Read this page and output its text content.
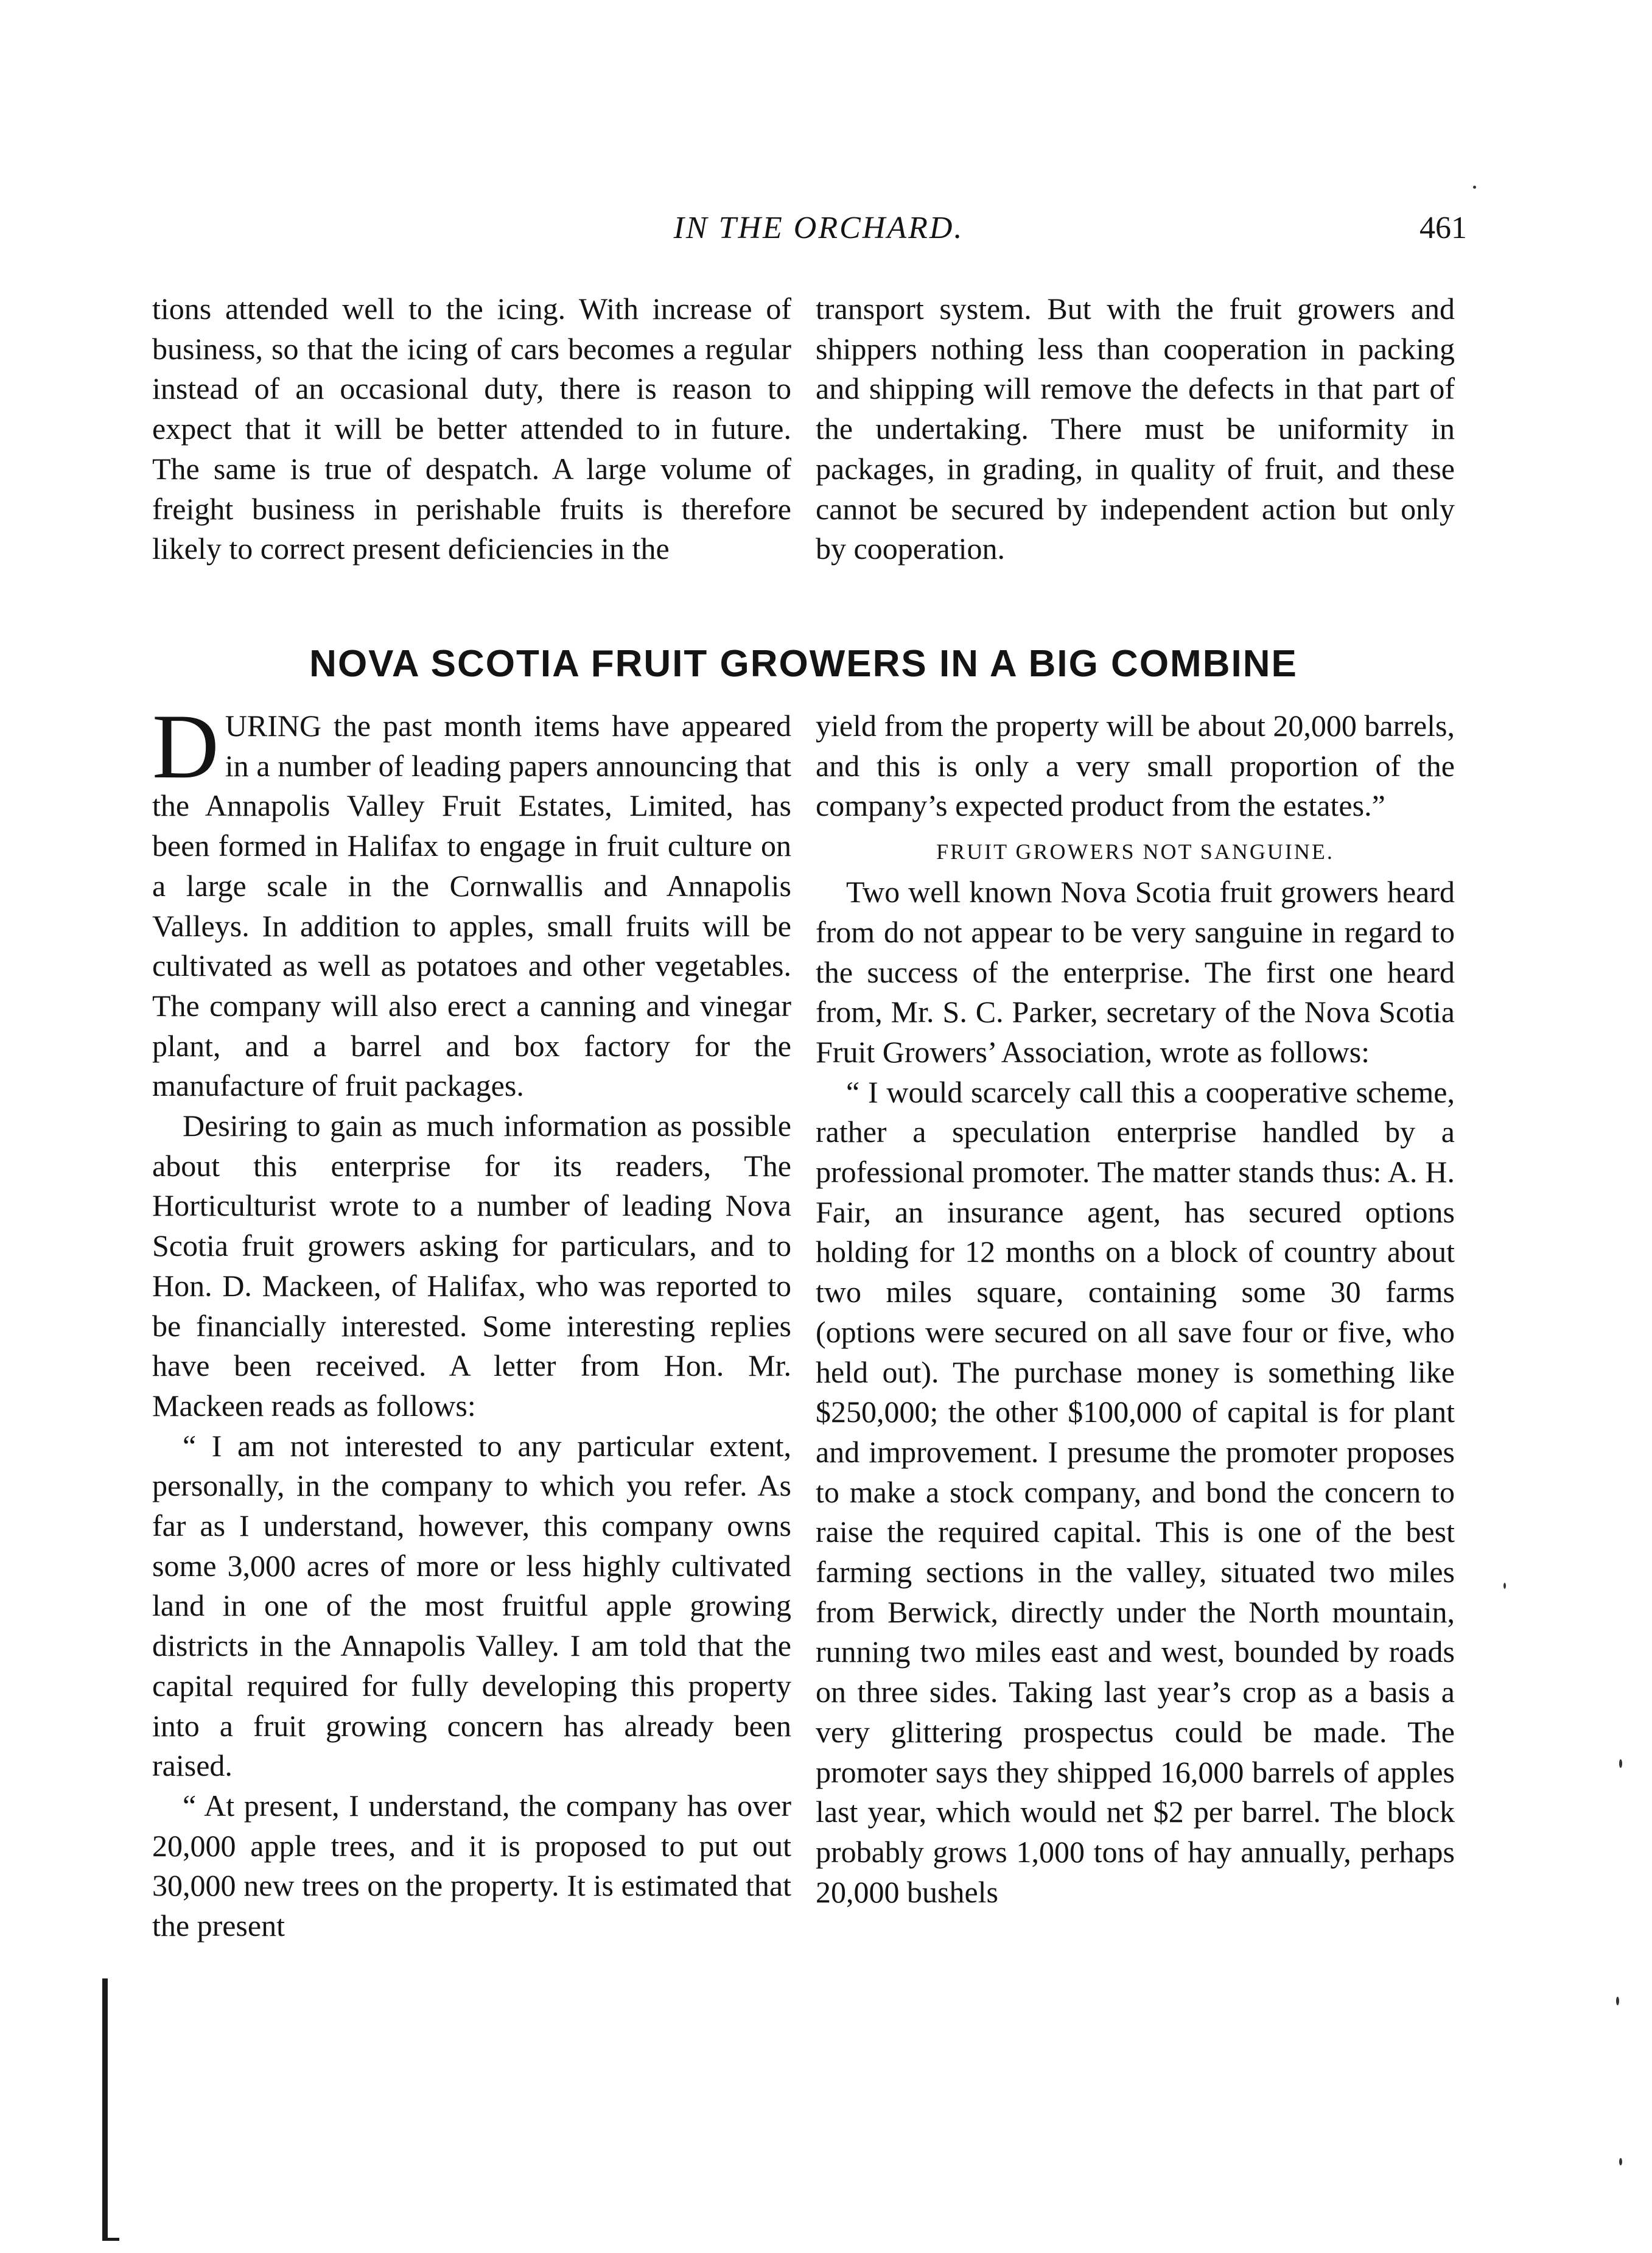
IN THE ORCHARD.	461

tions attended well to the icing. With increase of business, so that the icing of cars becomes a regular instead of an occasional duty, there is reason to expect that it will be better attended to in future. The same is true of despatch. A large volume of freight business in perishable fruits is therefore likely to correct present deficiencies in the

transport system. But with the fruit growers and shippers nothing less than cooperation in packing and shipping will remove the defects in that part of the undertaking. There must be uniformity in packages, in grading, in quality of fruit, and these cannot be secured by independent action but only by cooperation.

NOVA SCOTIA FRUIT GROWERS IN A BIG COMBINE

DURING the past month items have appeared in a number of leading papers announcing that the Annapolis Valley Fruit Estates, Limited, has been formed in Halifax to engage in fruit culture on a large scale in the Cornwallis and Annapolis Valleys. In addition to apples, small fruits will be cultivated as well as potatoes and other vegetables. The company will also erect a canning and vinegar plant, and a barrel and box factory for the manufacture of fruit packages.

Desiring to gain as much information as possible about this enterprise for its readers, The Horticulturist wrote to a number of leading Nova Scotia fruit growers asking for particulars, and to Hon. D. Mackeen, of Halifax, who was reported to be financially interested. Some interesting replies have been received. A letter from Hon. Mr. Mackeen reads as follows:

“ I am not interested to any particular extent, personally, in the company to which you refer. As far as I understand, however, this company owns some 3,000 acres of more or less highly cultivated land in one of the most fruitful apple growing districts in the Annapolis Valley. I am told that the capital required for fully developing this property into a fruit growing concern has already been raised.

“ At present, I understand, the company has over 20,000 apple trees, and it is proposed to put out 30,000 new trees on the property. It is estimated that the present

yield from the property will be about 20,000 barrels, and this is only a very small proportion of the company’s expected product from the estates.”

FRUIT GROWERS NOT SANGUINE.

Two well known Nova Scotia fruit growers heard from do not appear to be very sanguine in regard to the success of the enterprise. The first one heard from, Mr. S. C. Parker, secretary of the Nova Scotia Fruit Growers’ Association, wrote as follows:

“ I would scarcely call this a cooperative scheme, rather a speculation enterprise handled by a professional promoter. The matter stands thus: A. H. Fair, an insurance agent, has secured options holding for 12 months on a block of country about two miles square, containing some 30 farms (options were secured on all save four or five, who held out). The purchase money is something like $250,000; the other $100,000 of capital is for plant and improvement. I presume the promoter proposes to make a stock company, and bond the concern to raise the required capital. This is one of the best farming sections in the valley, situated two miles from Berwick, directly under the North mountain, running two miles east and west, bounded by roads on three sides. Taking last year’s crop as a basis a very glittering prospectus could be made. The promoter says they shipped 16,000 barrels of apples last year, which would net $2 per barrel. The block probably grows 1,000 tons of hay annually, perhaps 20,000 bushels
